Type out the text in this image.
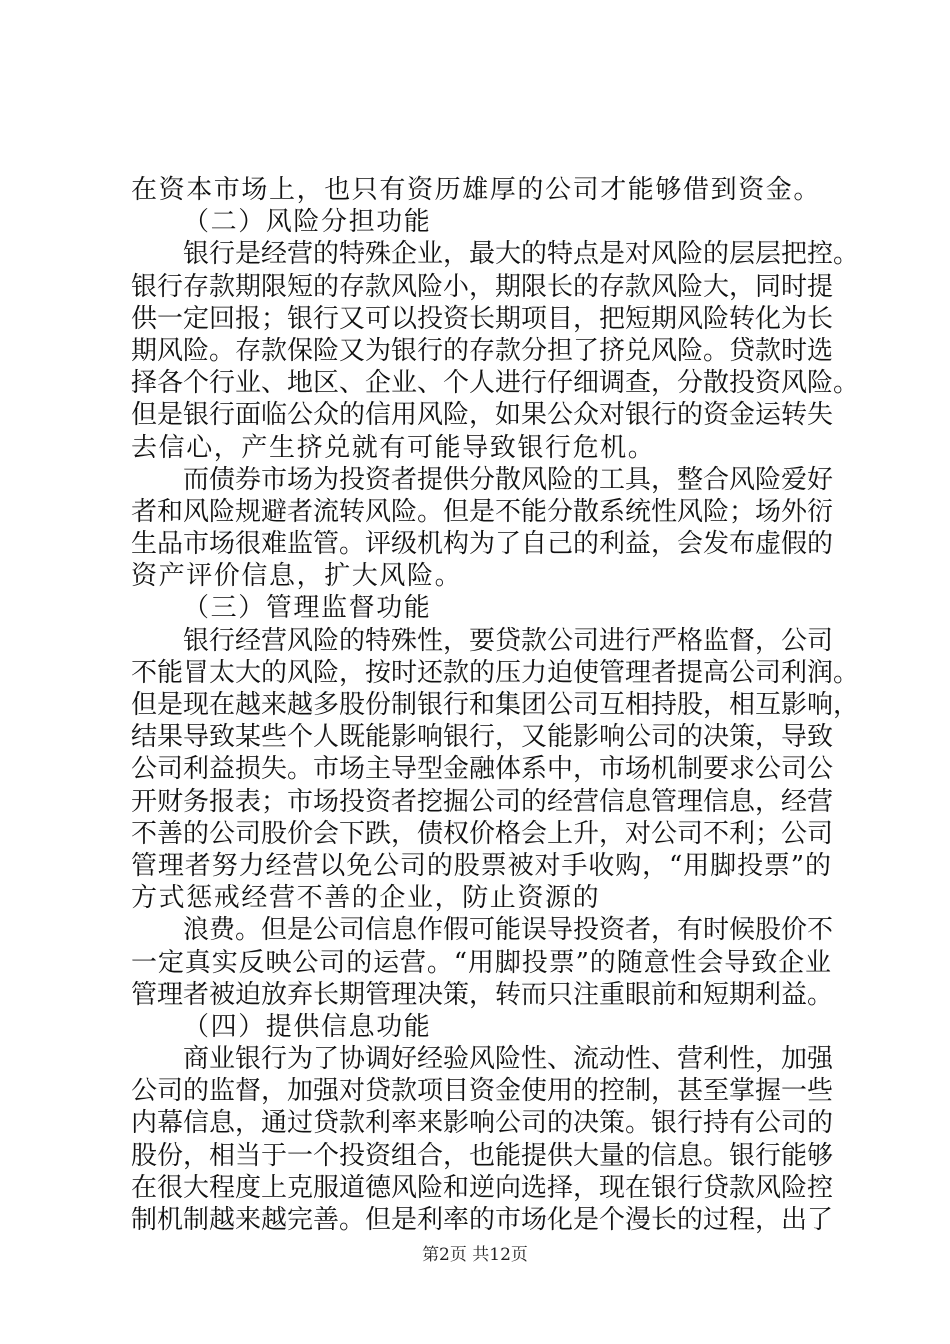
在资本市场上，也只有资历雄厚的公司才能够借到资金。
（二）风险分担功能
银行是经营的特殊企业，最大的特点是对风险的层层把控。
银行存款期限短的存款风险小，期限长的存款风险大，同时提
供一定回报；银行又可以投资长期项目，把短期风险转化为长
期风险。存款保险又为银行的存款分担了挤兑风险。贷款时选
择各个行业、地区、企业、个人进行仔细调查，分散投资风险。
但是银行面临公众的信用风险，如果公众对银行的资金运转失
去信心，产生挤兑就有可能导致银行危机。
而债券市场为投资者提供分散风险的工具，整合风险爱好
者和风险规避者流转风险。但是不能分散系统性风险；场外衍
生品市场很难监管。评级机构为了自己的利益，会发布虚假的
资产评价信息，扩大风险。
（三）管理监督功能
银行经营风险的特殊性，要贷款公司进行严格监督，公司
不能冒太大的风险，按时还款的压力迫使管理者提高公司利润。
但是现在越来越多股份制银行和集团公司互相持股，相互影响，
结果导致某些个人既能影响银行，又能影响公司的决策，导致
公司利益损失。市场主导型金融体系中，市场机制要求公司公
开财务报表；市场投资者挖掘公司的经营信息管理信息，经营
不善的公司股价会下跌，债权价格会上升，对公司不利；公司
管理者努力经营以免公司的股票被对手收购，“用脚投票”的
方式惩戒经营不善的企业，防止资源的
浪费。但是公司信息作假可能误导投资者，有时候股价不
一定真实反映公司的运营。“用脚投票”的随意性会导致企业
管理者被迫放弃长期管理决策，转而只注重眼前和短期利益。
（四）提供信息功能
商业银行为了协调好经验风险性、流动性、营利性，加强
公司的监督，加强对贷款项目资金使用的控制，甚至掌握一些
内幕信息，通过贷款利率来影响公司的决策。银行持有公司的
股份，相当于一个投资组合，也能提供大量的信息。银行能够
在很大程度上克服道德风险和逆向选择，现在银行贷款风险控
制机制越来越完善。但是利率的市场化是个漫长的过程，出了
第2页 共12页
